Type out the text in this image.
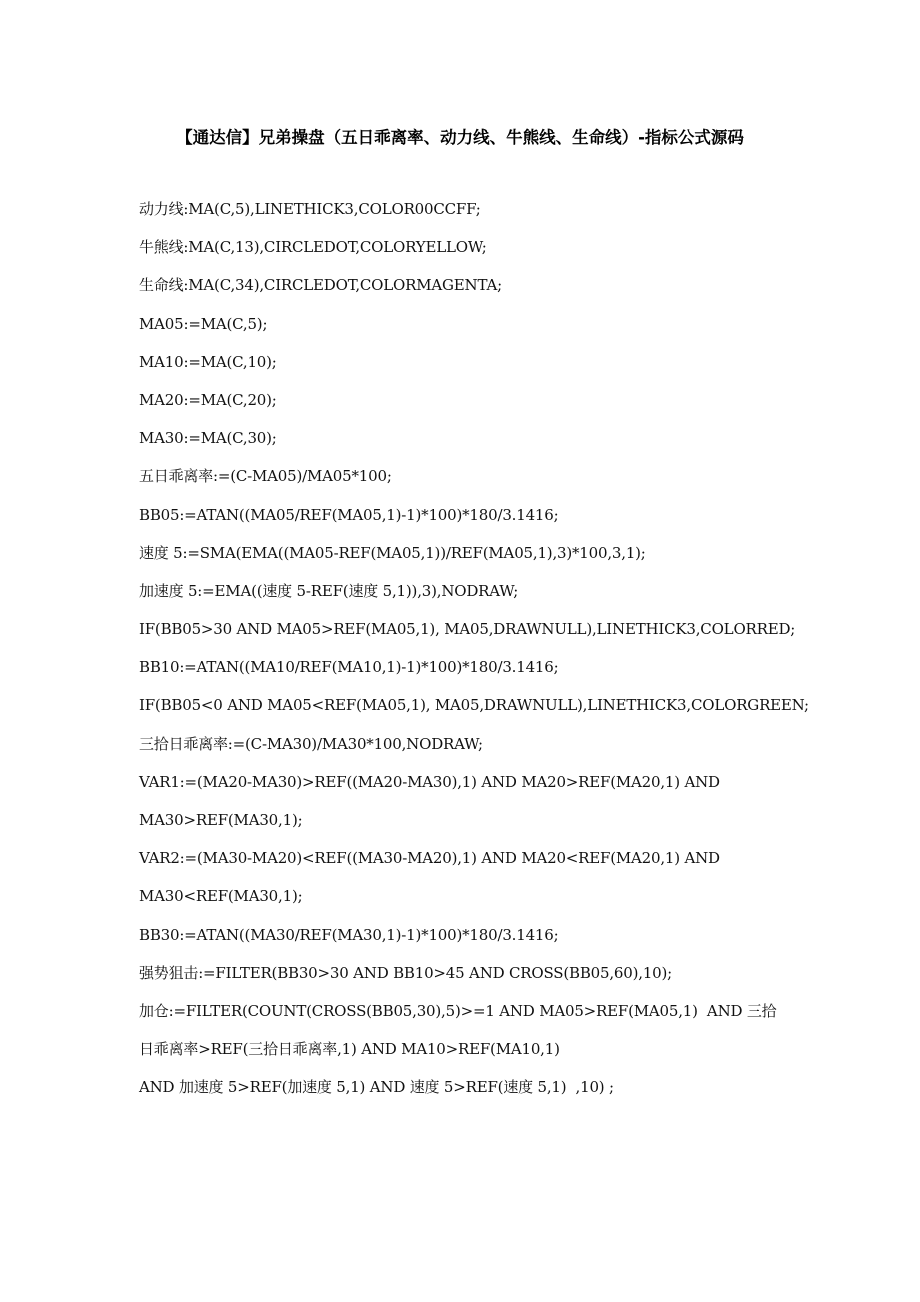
【通达信】兄弟操盘（五日乖离率、动力线、牛熊线、生命线）-指标公式源码
动力线:MA(C,5),LINETHICK3,COLOR00CCFF;
牛熊线:MA(C,13),CIRCLEDOT,COLORYELLOW;
生命线:MA(C,34),CIRCLEDOT,COLORMAGENTA;
MA05:=MA(C,5);
MA10:=MA(C,10);
MA20:=MA(C,20);
MA30:=MA(C,30);
五日乖离率:=(C-MA05)/MA05*100;
BB05:=ATAN((MA05/REF(MA05,1)-1)*100)*180/3.1416;
速度 5:=SMA(EMA((MA05-REF(MA05,1))/REF(MA05,1),3)*100,3,1);
加速度 5:=EMA((速度 5-REF(速度 5,1)),3),NODRAW;
IF(BB05>30 AND MA05>REF(MA05,1), MA05,DRAWNULL),LINETHICK3,COLORRED;
BB10:=ATAN((MA10/REF(MA10,1)-1)*100)*180/3.1416;
IF(BB05<0 AND MA05<REF(MA05,1), MA05,DRAWNULL),LINETHICK3,COLORGREEN;
三拾日乖离率:=(C-MA30)/MA30*100,NODRAW;
VAR1:=(MA20-MA30)>REF((MA20-MA30),1) AND MA20>REF(MA20,1) AND
MA30>REF(MA30,1);
VAR2:=(MA30-MA20)<REF((MA30-MA20),1) AND MA20<REF(MA20,1) AND
MA30<REF(MA30,1);
BB30:=ATAN((MA30/REF(MA30,1)-1)*100)*180/3.1416;
强势狙击:=FILTER(BB30>30 AND BB10>45 AND CROSS(BB05,60),10);
加仓:=FILTER(COUNT(CROSS(BB05,30),5)>=1 AND MA05>REF(MA05,1)  AND 三拾
日乖离率>REF(三拾日乖离率,1) AND MA10>REF(MA10,1)
AND 加速度 5>REF(加速度 5,1) AND 速度 5>REF(速度 5,1)  ,10) ;
